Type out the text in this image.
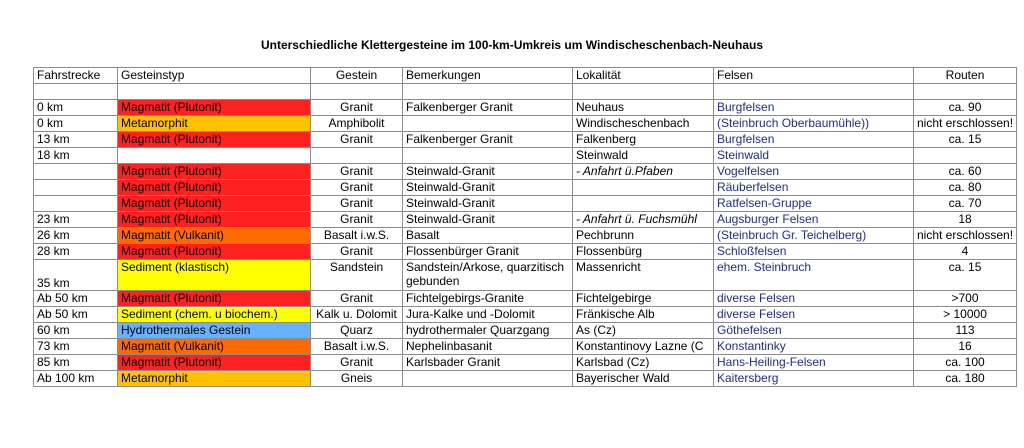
Unterschiedliche Klettergesteine im 100-km-Umkreis um Windischeschenbach-Neuhaus
Fahrstrecke	Gesteinstyp	Gestein	Bemerkungen	Lokalität	Felsen	Routen

0 km	Magmatit (Plutonit)	Granit	Falkenberger Granit	Neuhaus	Burgfelsen	ca. 90
0 km	Metamorphit	Amphibolit		Windischeschenbach	(Steinbruch Oberbaumühle))	nicht erschlossen!
13 km	Magmatit (Plutonit)	Granit	Falkenberger Granit	Falkenberg	Burgfelsen	ca. 15
18 km				Steinwald	Steinwald	
	Magmatit (Plutonit)	Granit	Steinwald-Granit	- Anfahrt ü.Pfaben	Vogelfelsen	ca. 60
	Magmatit (Plutonit)	Granit	Steinwald-Granit		Räuberfelsen	ca. 80
	Magmatit (Plutonit)	Granit	Steinwald-Granit		Ratfelsen-Gruppe	ca. 70
23 km	Magmatit (Plutonit)	Granit	Steinwald-Granit	- Anfahrt ü. Fuchsmühl	Augsburger Felsen	18
26 km	Magmatit (Vulkanit)	Basalt i.w.S.	Basalt	Pechbrunn	(Steinbruch Gr. Teichelberg)	nicht erschlossen!
28 km	Magmatit (Plutonit)	Granit	Flossenbürger Granit	Flossenbürg	Schloßfelsen	4
35 km	Sediment (klastisch)	Sandstein	Sandstein/Arkose, quarzitisch gebunden	Massenricht	ehem. Steinbruch	ca. 15
Ab 50 km	Magmatit (Plutonit)	Granit	Fichtelgebirgs-Granite	Fichtelgebirge	diverse Felsen	>700
Ab 50 km	Sediment (chem. u biochem.)	Kalk u. Dolomit	Jura-Kalke und -Dolomit	Fränkische Alb	diverse Felsen	> 10000
60 km	Hydrothermales Gestein	Quarz	hydrothermaler Quarzgang	As (Cz)	Göthefelsen	113
73 km	Magmatit (Vulkanit)	Basalt i.w.S.	Nephelinbasanit	Konstantinovy Lazne (C	Konstantinky	16
85 km	Magmatit (Plutonit)	Granit	Karlsbader Granit	Karlsbad (Cz)	Hans-Heiling-Felsen	ca. 100
Ab 100 km	Metamorphit	Gneis		Bayerischer Wald	Kaitersberg	ca. 180
